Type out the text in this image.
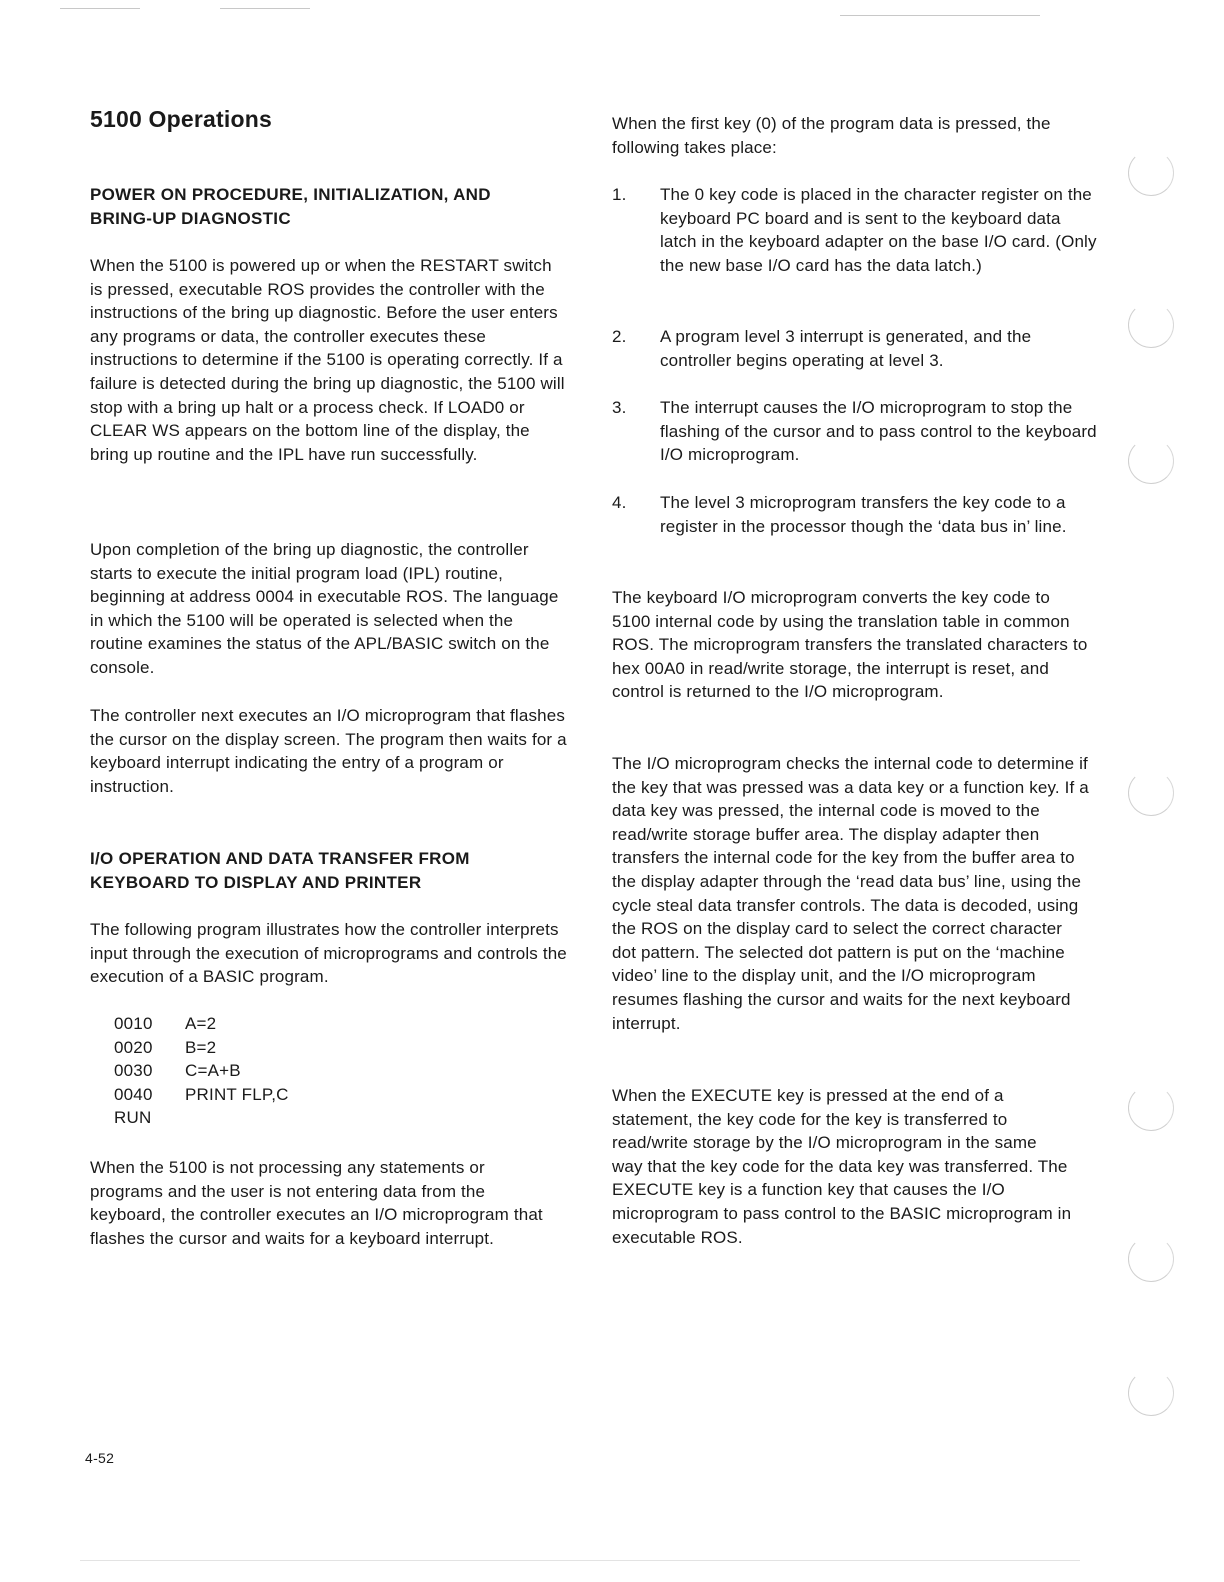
5100 Operations
POWER ON PROCEDURE, INITIALIZATION, AND
BRING-UP DIAGNOSTIC

When the 5100 is powered up or when the RESTART switch is pressed, executable ROS provides the controller with the instructions of the bring up diagnostic. Before the user enters any programs or data, the controller executes these instructions to determine if the 5100 is operating correctly. If a failure is detected during the bring up diagnostic, the 5100 will stop with a bring up halt or a process check. If LOAD0 or CLEAR WS appears on the bottom line of the display, the bring up routine and the IPL have run successfully.

Upon completion of the bring up diagnostic, the controller starts to execute the initial program load (IPL) routine, beginning at address 0004 in executable ROS. The language in which the 5100 will be operated is selected when the routine examines the status of the APL/BASIC switch on the console.

The controller next executes an I/O microprogram that flashes the cursor on the display screen. The program then waits for a keyboard interrupt indicating the entry of a program or instruction.

I/O OPERATION AND DATA TRANSFER FROM
KEYBOARD TO DISPLAY AND PRINTER

The following program illustrates how the controller interprets input through the execution of microprograms and controls the execution of a BASIC program.

0010	A=2
0020	B=2
0030	C=A+B
0040	PRINT FLP,C
RUN

When the 5100 is not processing any statements or programs and the user is not entering data from the keyboard, the controller executes an I/O microprogram that flashes the cursor and waits for a keyboard interrupt.

When the first key (0) of the program data is pressed, the following takes place:

1.	The 0 key code is placed in the character register on the keyboard PC board and is sent to the keyboard data latch in the keyboard adapter on the base I/O card. (Only the new base I/O card has the data latch.)
2.	A program level 3 interrupt is generated, and the controller begins operating at level 3.
3.	The interrupt causes the I/O microprogram to stop the flashing of the cursor and to pass control to the keyboard I/O microprogram.
4.	The level 3 microprogram transfers the key code to a register in the processor though the ‘data bus in’ line.

The keyboard I/O microprogram converts the key code to 5100 internal code by using the translation table in common ROS. The microprogram transfers the translated characters to hex 00A0 in read/write storage, the interrupt is reset, and control is returned to the I/O microprogram.

The I/O microprogram checks the internal code to determine if the key that was pressed was a data key or a function key. If a data key was pressed, the internal code is moved to the read/write storage buffer area. The display adapter then transfers the internal code for the key from the buffer area to the display adapter through the ‘read data bus’ line, using the cycle steal data transfer controls. The data is decoded, using the ROS on the display card to select the correct character dot pattern. The selected dot pattern is put on the ‘machine video’ line to the display unit, and the I/O microprogram resumes flashing the cursor and waits for the next keyboard interrupt.

When the EXECUTE key is pressed at the end of a statement, the key code for the key is transferred to read/write storage by the I/O microprogram in the same way that the key code for the data key was transferred. The EXECUTE key is a function key that causes the I/O microprogram to pass control to the BASIC microprogram in executable ROS.

4-52
